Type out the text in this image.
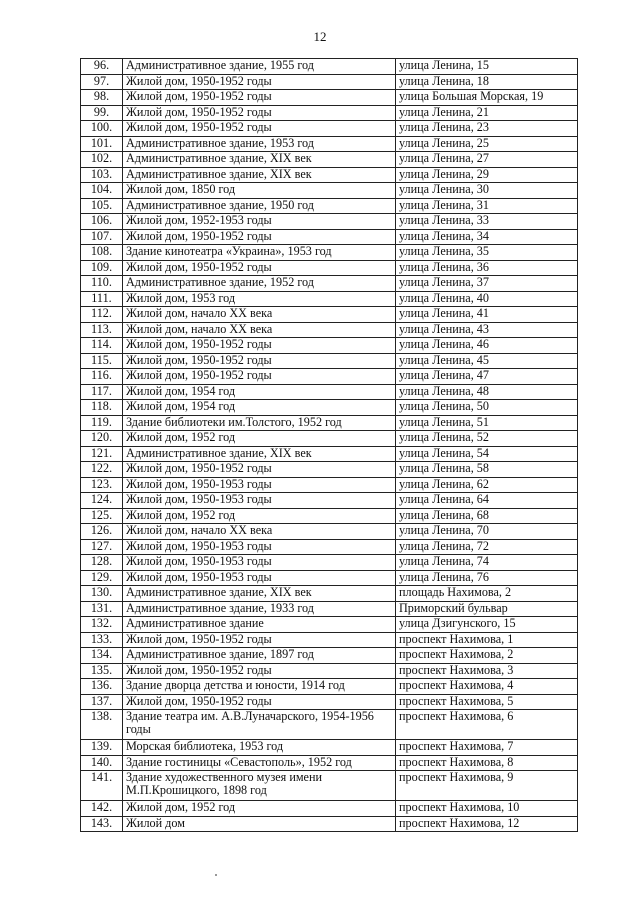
12
96.	Административное здание, 1955 год	улица Ленина, 15
97.	Жилой дом, 1950-1952 годы	улица Ленина, 18
98.	Жилой дом, 1950-1952 годы	улица Большая Морская, 19
99.	Жилой дом, 1950-1952 годы	улица Ленина, 21
100.	Жилой дом, 1950-1952 годы	улица Ленина, 23
101.	Административное здание, 1953 год	улица Ленина, 25
102.	Административное здание, XIX век	улица Ленина, 27
103.	Административное здание, XIX век	улица Ленина, 29
104.	Жилой дом, 1850 год	улица Ленина, 30
105.	Административное здание, 1950 год	улица Ленина, 31
106.	Жилой дом, 1952-1953 годы	улица Ленина, 33
107.	Жилой дом, 1950-1952 годы	улица Ленина, 34
108.	Здание кинотеатра «Украина», 1953 год	улица Ленина, 35
109.	Жилой дом, 1950-1952 годы	улица Ленина, 36
110.	Административное здание, 1952 год	улица Ленина, 37
111.	Жилой дом, 1953 год	улица Ленина, 40
112.	Жилой дом, начало XX века	улица Ленина, 41
113.	Жилой дом, начало XX века	улица Ленина, 43
114.	Жилой дом, 1950-1952 годы	улица Ленина, 46
115.	Жилой дом, 1950-1952 годы	улица Ленина, 45
116.	Жилой дом, 1950-1952 годы	улица Ленина, 47
117.	Жилой дом, 1954 год	улица Ленина, 48
118.	Жилой дом, 1954 год	улица Ленина, 50
119.	Здание библиотеки им.Толстого, 1952 год	улица Ленина, 51
120.	Жилой дом, 1952 год	улица Ленина, 52
121.	Административное здание, XIX век	улица Ленина, 54
122.	Жилой дом, 1950-1952 годы	улица Ленина, 58
123.	Жилой дом, 1950-1953 годы	улица Ленина, 62
124.	Жилой дом, 1950-1953 годы	улица Ленина, 64
125.	Жилой дом, 1952 год	улица Ленина, 68
126.	Жилой дом, начало XX века	улица Ленина, 70
127.	Жилой дом, 1950-1953 годы	улица Ленина, 72
128.	Жилой дом, 1950-1953 годы	улица Ленина, 74
129.	Жилой дом, 1950-1953 годы	улица Ленина, 76
130.	Административное здание, XIX век	площадь Нахимова, 2
131.	Административное здание, 1933 год	Приморский бульвар
132.	Административное здание	улица Дзигунского, 15
133.	Жилой дом, 1950-1952 годы	проспект Нахимова, 1
134.	Административное здание, 1897 год	проспект Нахимова, 2
135.	Жилой дом, 1950-1952 годы	проспект Нахимова, 3
136.	Здание дворца детства и юности, 1914 год	проспект Нахимова, 4
137.	Жилой дом, 1950-1952 годы	проспект Нахимова, 5
138.	Здание театра им. А.В.Луначарского, 1954-1956 годы	проспект Нахимова, 6
139.	Морская библиотека, 1953 год	проспект Нахимова, 7
140.	Здание гостиницы «Севастополь», 1952 год	проспект Нахимова, 8
141.	Здание художественного музея имени М.П.Крошицкого, 1898 год	проспект Нахимова, 9
142.	Жилой дом, 1952 год	проспект Нахимова, 10
143.	Жилой дом	проспект Нахимова, 12
